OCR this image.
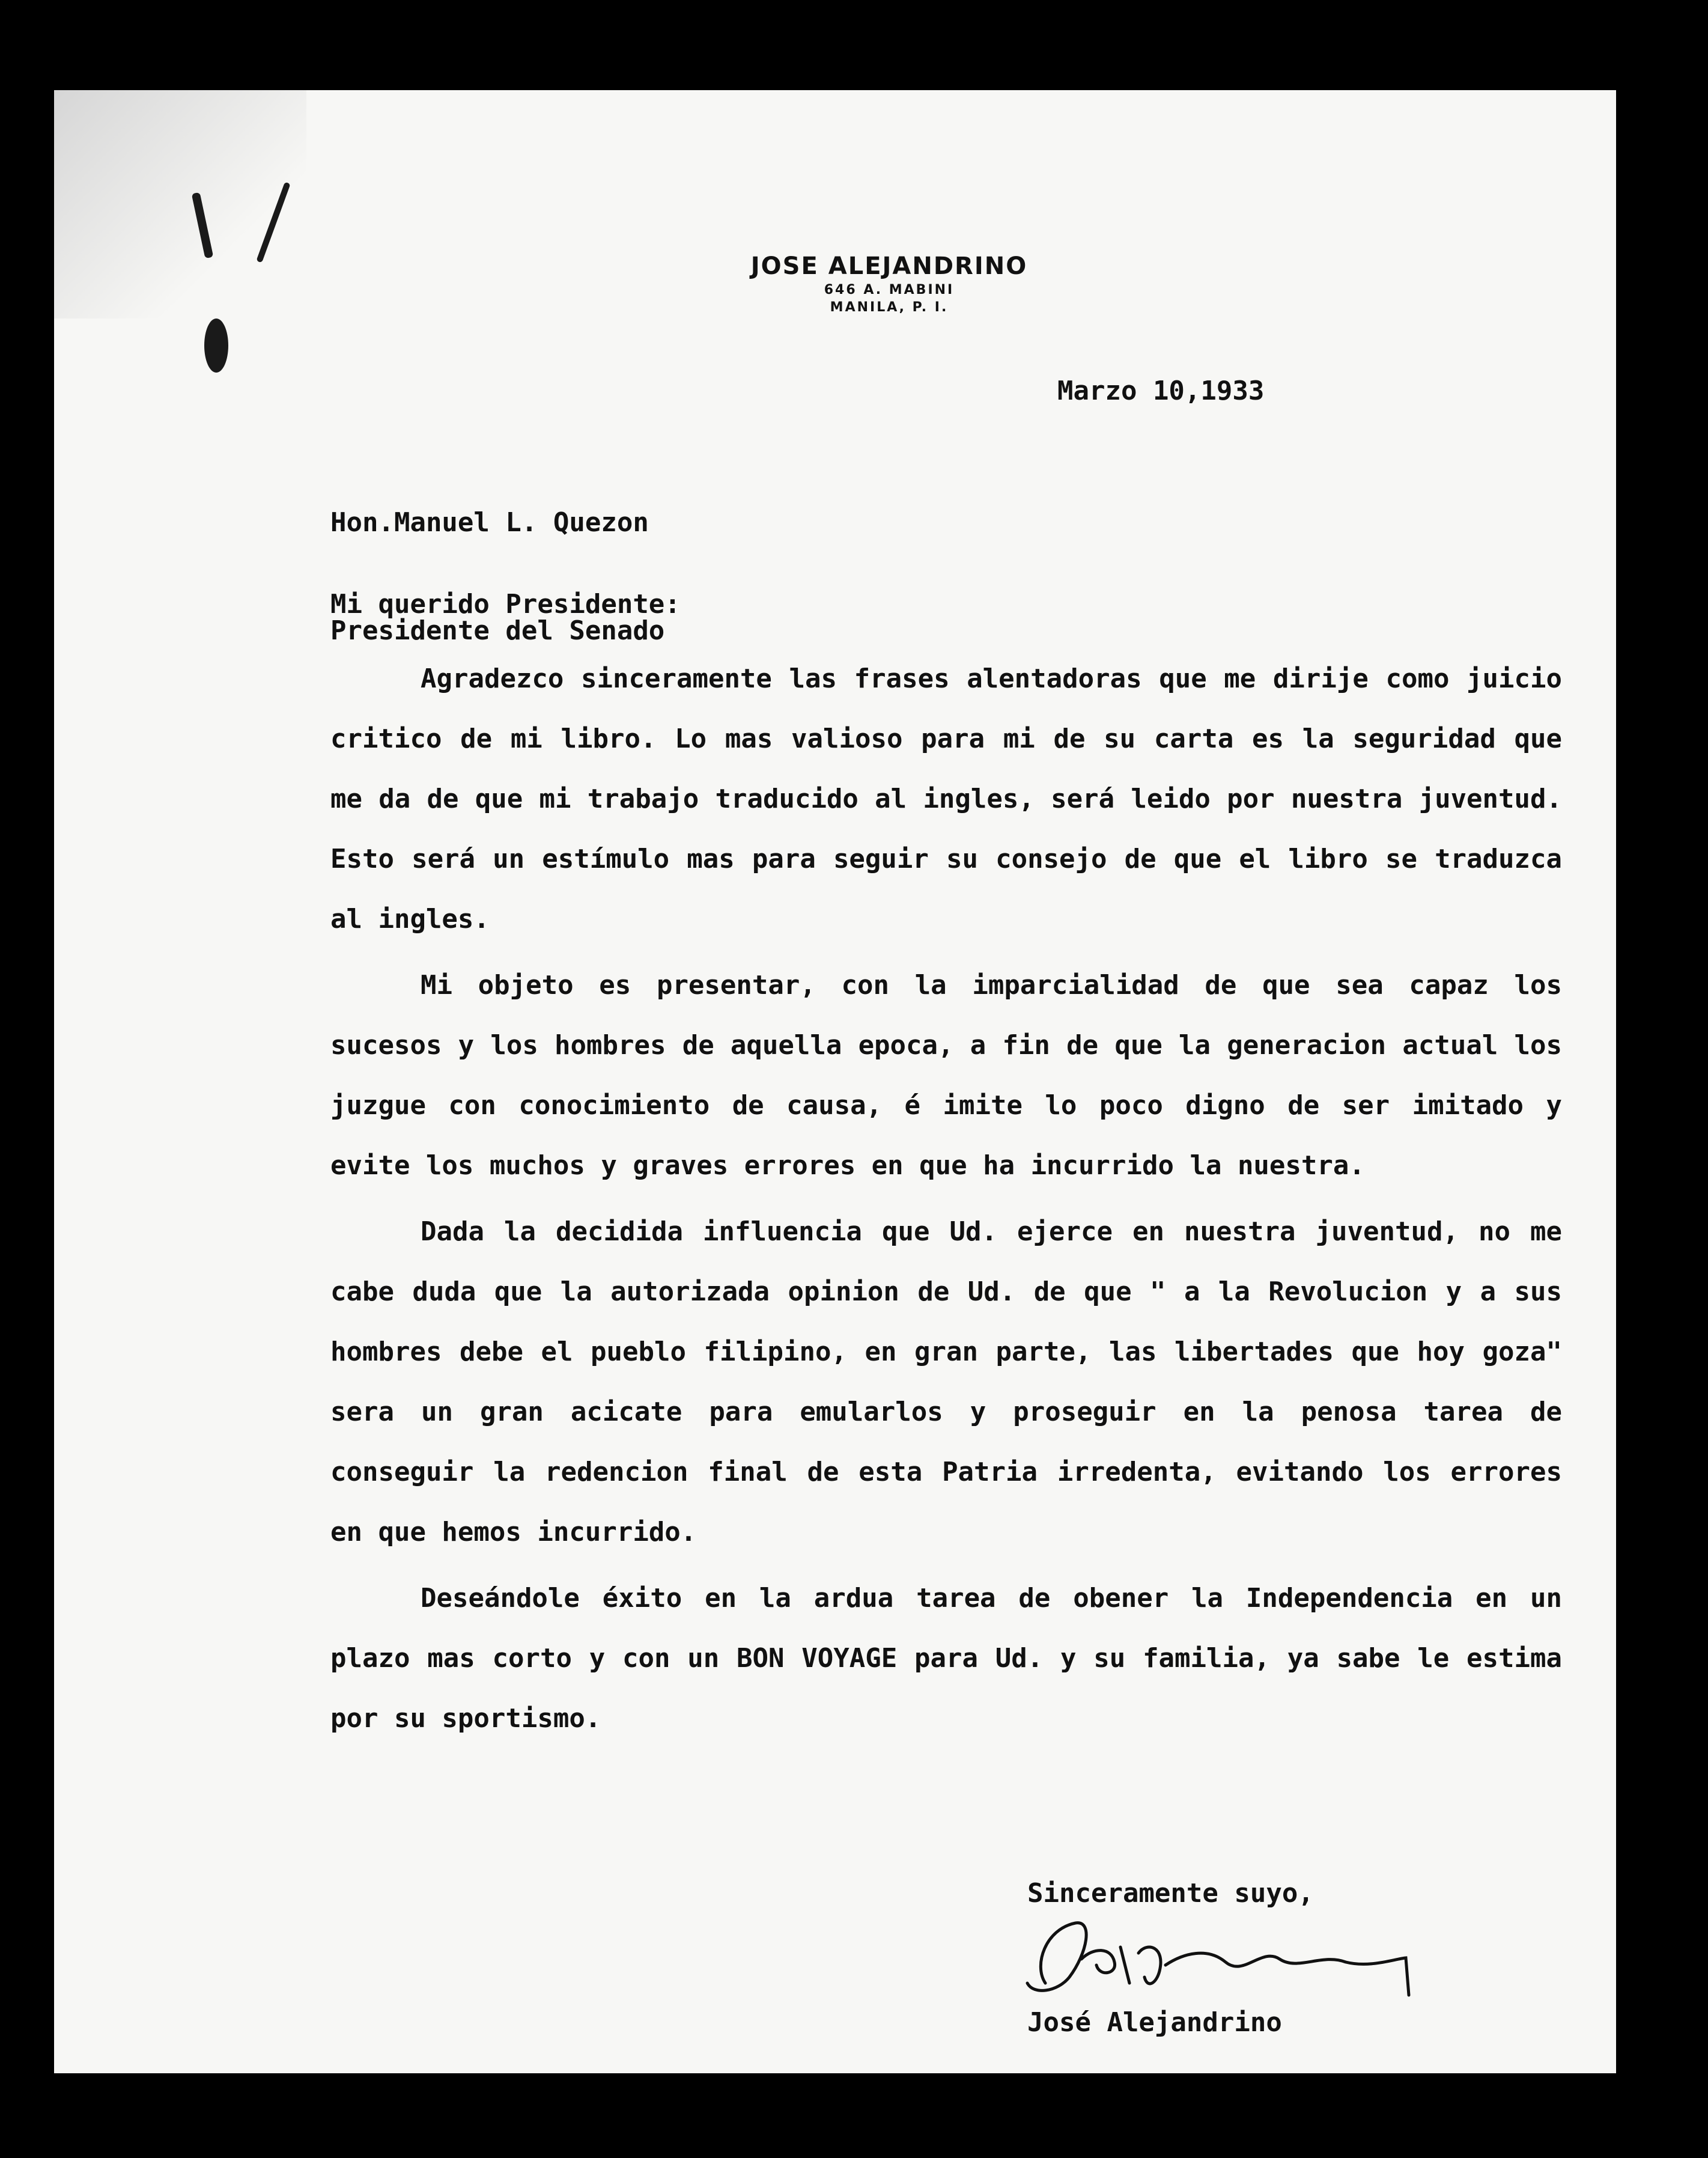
JOSE ALEJANDRINO
646 A. MABINI
MANILA, P. I.
Marzo 10,1933

Hon.Manuel L. Quezon

Presidente del Senado

Mi querido Presidente:

Agradezco sinceramente las frases alentadoras que me dirije como juicio critico de mi libro. Lo mas valioso para mi de su carta es la seguridad que me da de que mi trabajo traducido al ingles, será leido por nuestra juventud. Esto será un estímulo mas para seguir su consejo de que el libro se traduzca al ingles.

Mi objeto es presentar, con la imparcialidad de que sea capaz los sucesos y los hombres de aquella epoca, a fin de que la generacion actual los juzgue con conocimiento de causa, é imite lo poco digno de ser imitado y evite los muchos y graves errores en que ha incurrido la nuestra.

Dada la decidida influencia que Ud. ejerce en nuestra juventud, no me cabe duda que la autorizada opinion de Ud. de que " a la Revolucion y a sus hombres debe el pueblo filipino, en gran parte, las libertades que hoy goza" sera un gran acicate para emularlos y proseguir en la penosa tarea de conseguir la redencion final de esta Patria irredenta, evitando los errores en que hemos incurrido.

Deseándole éxito en la ardua tarea de obener la Independencia en un plazo mas corto y con un BON VOYAGE para Ud. y su familia, ya sabe le estima por su sportismo.

Sinceramente suyo,
José Alejandrino
